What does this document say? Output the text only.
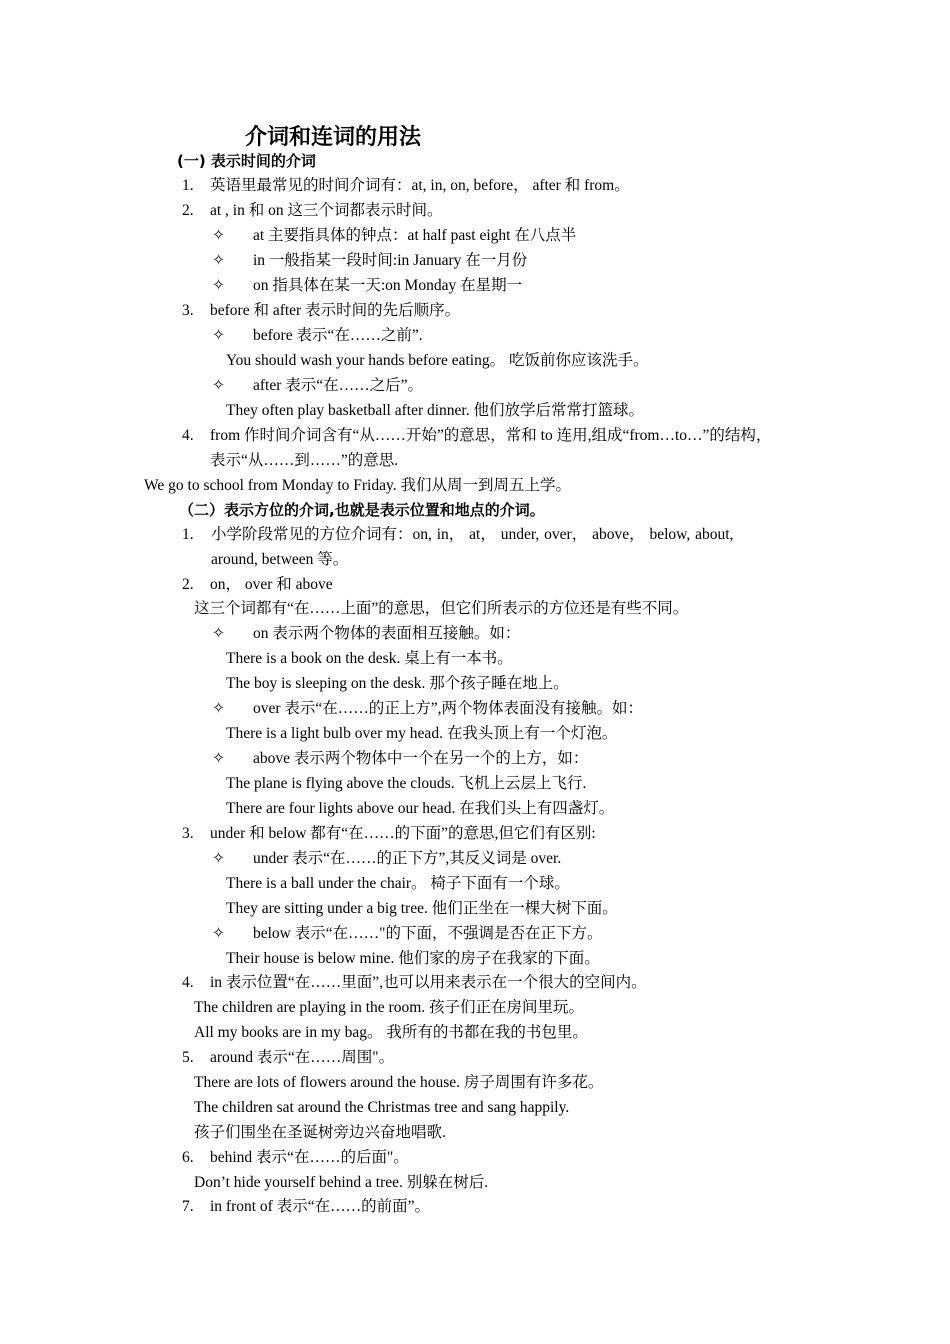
介词和连词的用法
(一) 表示时间的介词
1. 英语里最常见的时间介词有：at, in, on, before， after 和 from。
2. at , in 和 on 这三个词都表示时间。
✧ at 主要指具体的钟点：at half past eight 在八点半
✧ in 一般指某一段时间:in January 在一月份
✧ on 指具体在某一天:on Monday 在星期一
3. before 和 after 表示时间的先后顺序。
✧ before 表示“在……之前”.
You should wash your hands before eating。 吃饭前你应该洗手。
✧ after 表示“在……之后”。
They often play basketball after dinner. 他们放学后常常打篮球。
4. from 作时间介词含有“从……开始”的意思，常和 to 连用,组成“from…to…”的结构，
表示“从……到……”的意思.
We go to school from Monday to Friday. 我们从周一到周五上学。
（二）表示方位的介词,也就是表示位置和地点的介词。
1. 小学阶段常见的方位介词有：on, in， at， under, over， above， below, about,
around, between 等。
2. on， over 和 above
这三个词都有“在……上面”的意思，但它们所表示的方位还是有些不同。
✧ on 表示两个物体的表面相互接触。如：
There is a book on the desk. 桌上有一本书。
The boy is sleeping on the desk. 那个孩子睡在地上。
✧ over 表示“在……的正上方”,两个物体表面没有接触。如：
There is a light bulb over my head. 在我头顶上有一个灯泡。
✧ above 表示两个物体中一个在另一个的上方，如：
The plane is flying above the clouds. 飞机上云层上飞行.
There are four lights above our head. 在我们头上有四盏灯。
3. under 和 below 都有“在……的下面”的意思,但它们有区别:
✧ under 表示“在……的正下方”,其反义词是 over.
There is a ball under the chair。 椅子下面有一个球。
They are sitting under a big tree. 他们正坐在一棵大树下面。
✧ below 表示“在……"的下面，不强调是否在正下方。
Their house is below mine. 他们家的房子在我家的下面。
4. in 表示位置“在……里面”,也可以用来表示在一个很大的空间内。
The children are playing in the room. 孩子们正在房间里玩。
All my books are in my bag。 我所有的书都在我的书包里。
5. around 表示“在……周围"。
There are lots of flowers around the house. 房子周围有许多花。
The children sat around the Christmas tree and sang happily.
孩子们围坐在圣诞树旁边兴奋地唱歌.
6. behind 表示“在……的后面"。
Don’t hide yourself behind a tree. 别躲在树后.
7. in front of 表示“在……的前面”。
